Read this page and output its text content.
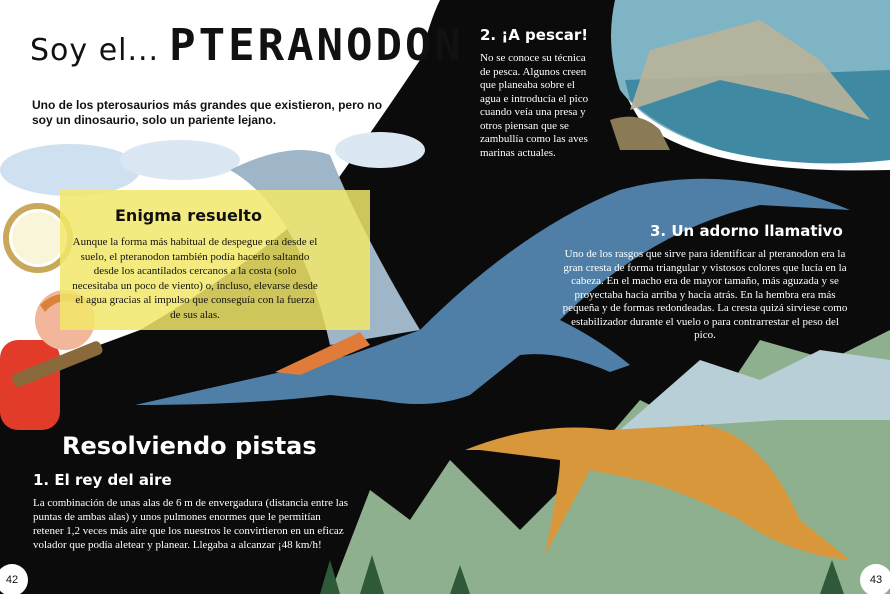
Soy el... PTERANODON
Uno de los pterosaurios más grandes que existieron, pero no soy un dinosaurio, solo un pariente lejano.
Enigma resuelto
Aunque la forma más habitual de despegue era desde el suelo, el pteranodon también podía hacerlo saltando desde los acantilados cercanos a la costa (solo necesitaba un poco de viento) o, incluso, elevarse desde el agua gracias al impulso que conseguía con la fuerza de sus alas.
2. ¡A pescar!
No se conoce su técnica de pesca. Algunos creen que planeaba sobre el agua e introducía el pico cuando veía una presa y otros piensan que se zambullía como las aves marinas actuales.
3. Un adorno llamativo
Uno de los rasgos que sirve para identificar al pteranodon era la gran cresta de forma triangular y vistosos colores que lucía en la cabeza. En el macho era de mayor tamaño, más aguzada y se proyectaba hacia arriba y hacia atrás. En la hembra era más pequeña y de formas redondeadas. La cresta quizá sirviese como estabilizador durante el vuelo o para contrarrestar el peso del pico.
Resolviendo pistas
1. El rey del aire
La combinación de unas alas de 6 m de envergadura (distancia entre las puntas de ambas alas) y unos pulmones enormes que le permitían retener 1,2 veces más aire que los nuestros le convirtieron en un eficaz volador que podía aletear y planear. Llegaba a alcanzar ¡48 km/h!
42	43
